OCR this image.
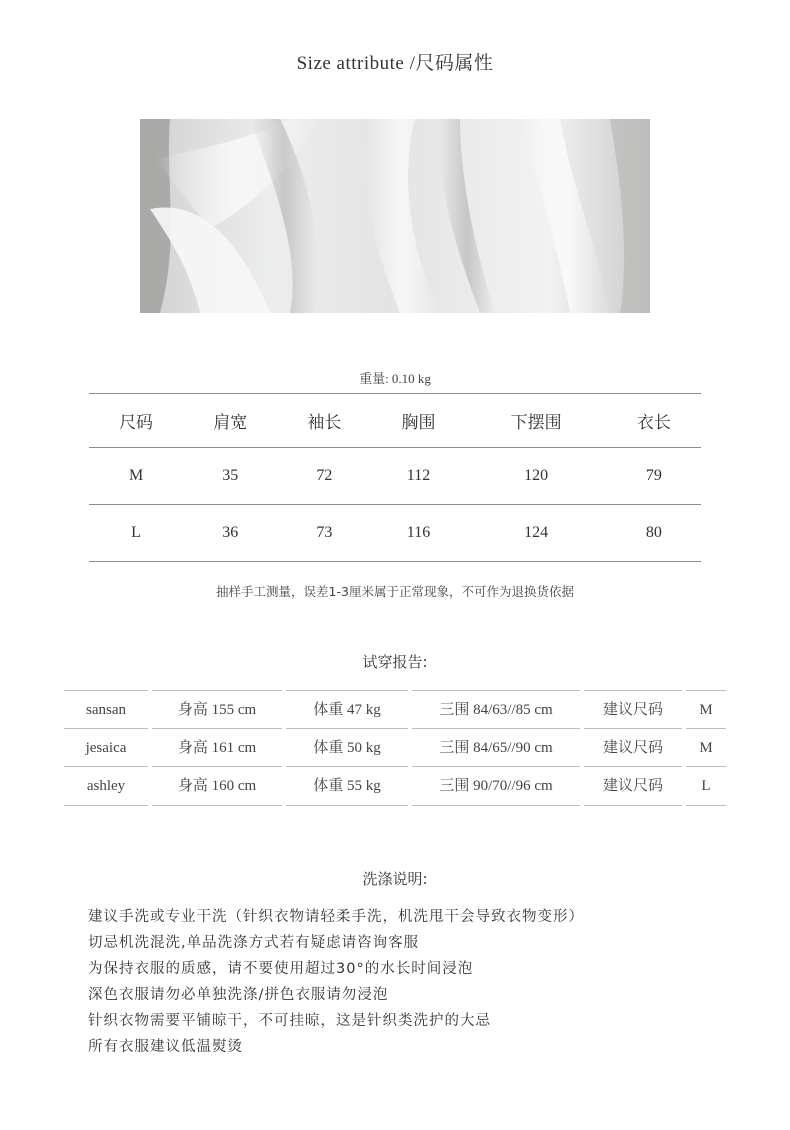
Size attribute /尺码属性
重量: 0.10 kg
尺码	肩宽	袖长	胸围	下摆围	衣长
M	35	72	112	120	79
L	36	73	116	124	80
抽样手工测量，误差1-3厘米属于正常现象，不可作为退换货依据
试穿报告:
sansan	身高 155 cm	体重 47 kg	三围 84/63//85 cm	建议尺码	M
jesaica	身高 161 cm	体重 50 kg	三围 84/65//90 cm	建议尺码	M
ashley	身高 160 cm	体重 55 kg	三围 90/70//96 cm	建议尺码	L
洗涤说明:
建议手洗或专业干洗（针织衣物请轻柔手洗，机洗甩干会导致衣物变形）
切忌机洗混洗,单品洗涤方式若有疑虑请咨询客服
为保持衣服的质感，请不要使用超过30°的水长时间浸泡
深色衣服请勿必单独洗涤/拼色衣服请勿浸泡
针织衣物需要平铺晾干，不可挂晾，这是针织类洗护的大忌
所有衣服建议低温熨烫
